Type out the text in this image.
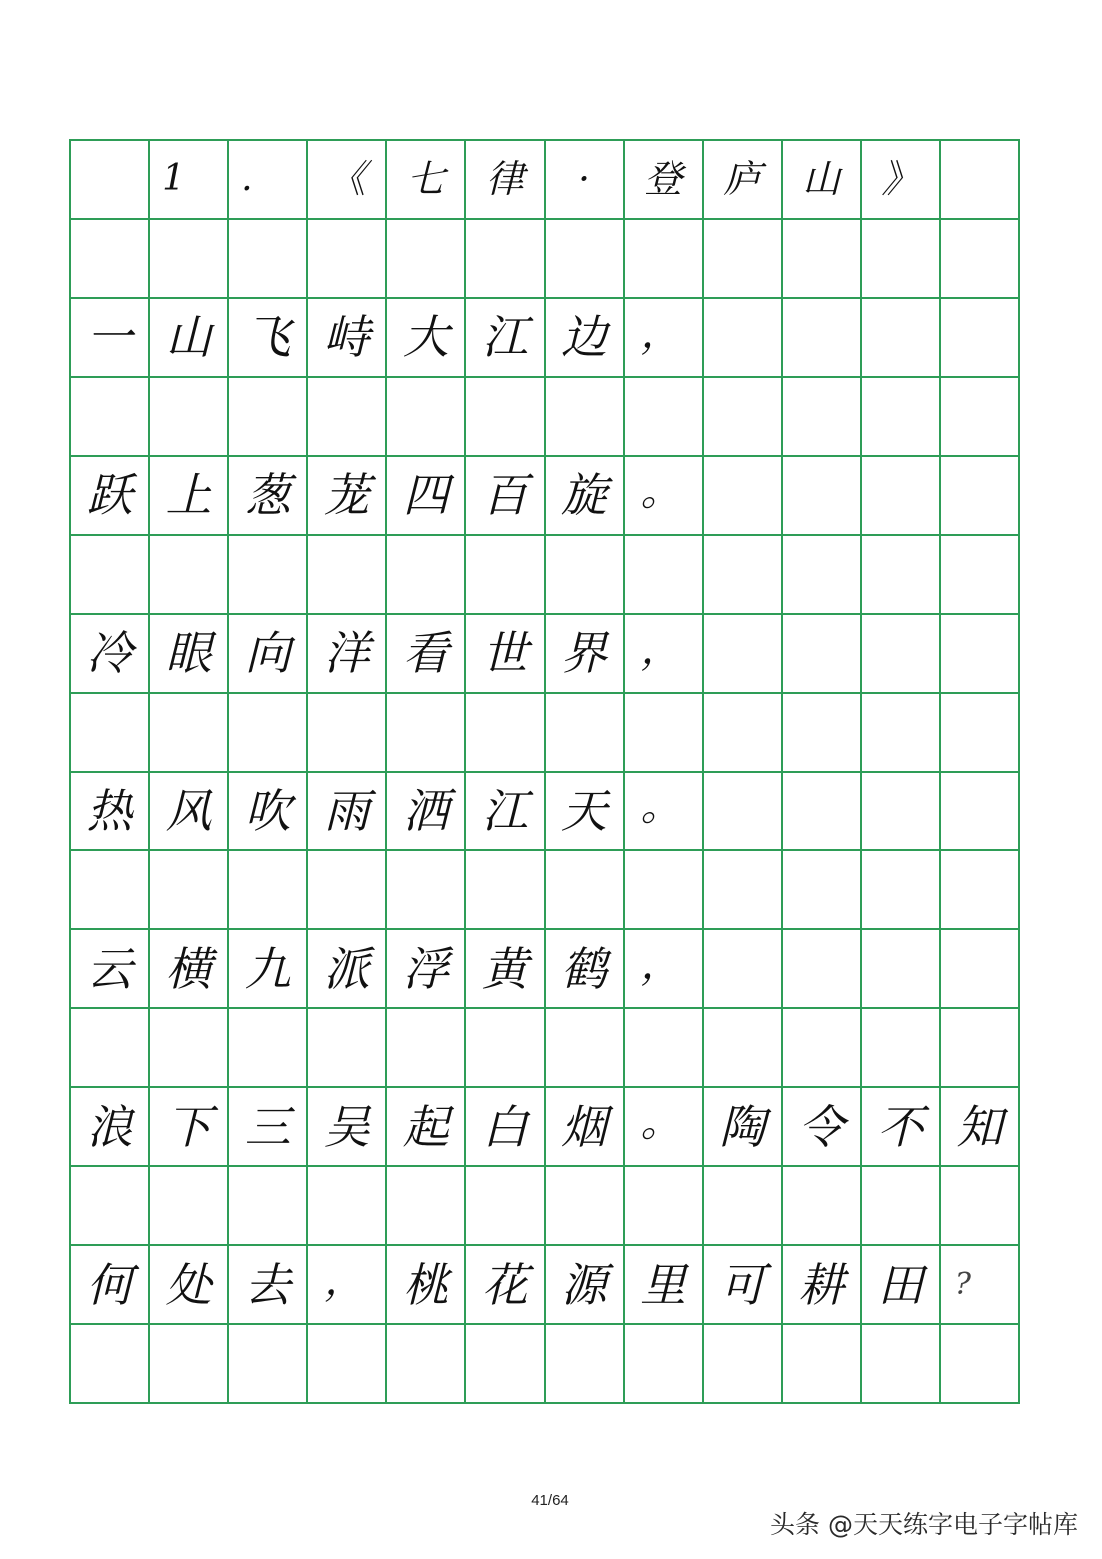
1	.	《	七	律	·	登	庐	山	》
一 山 飞 峙 大 江 边 ，
跃 上 葱 茏 四 百 旋 。
冷 眼 向 洋 看 世 界 ，
热 风 吹 雨 洒 江 天 。
云 横 九 派 浮 黄 鹤 ，
浪 下 三 吴 起 白 烟 。 陶 令 不 知
何 处 去 ， 桃 花 源 里 可 耕 田	?
41/64
头条 @天天练字电子字帖库
